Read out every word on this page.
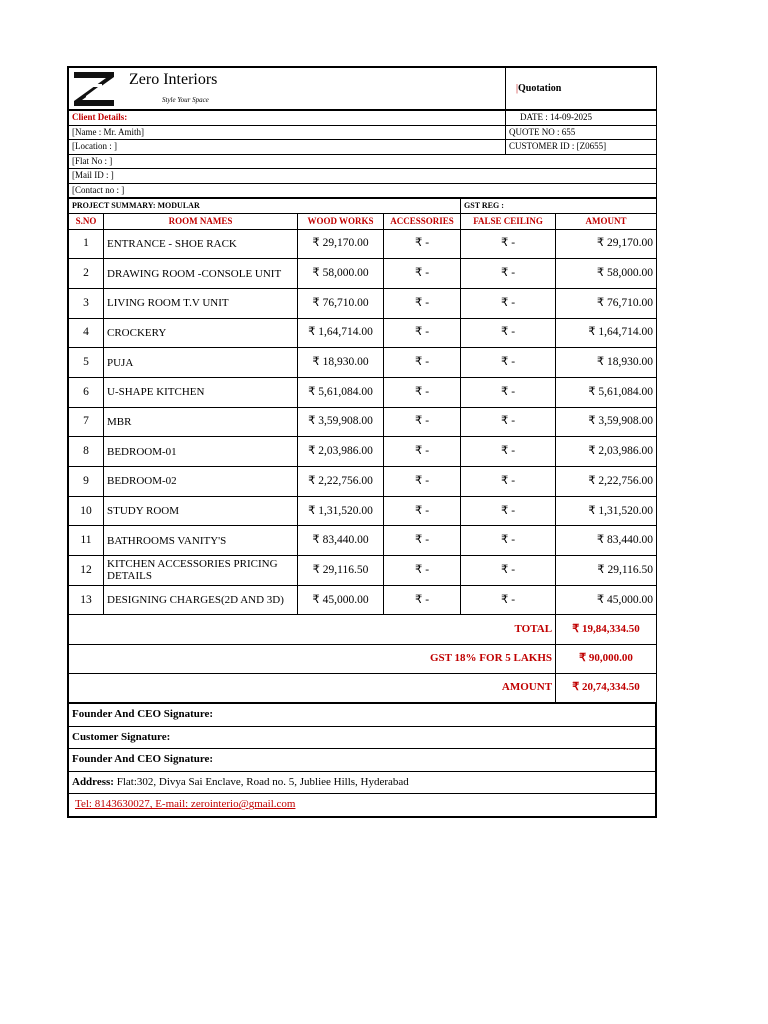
Zero Interiors
Style Your Space
	|Quotation
Client Details:	DATE : 14-09-2025
[Name : Mr. Amith]	QUOTE NO : 655
[Location : ]	CUSTOMER ID : [Z0655]
[Flat No : ]	
[Mail ID : ]	
[Contact no : ]	
PROJECT SUMMARY: MODULAR				GST REG :	
S.NO	ROOM NAMES	WOOD WORKS	ACCESSORIES	FALSE CEILING	AMOUNT
1	ENTRANCE - SHOE RACK	₹ 29,170.00	₹ -	₹ -	₹ 29,170.00
2	DRAWING ROOM -CONSOLE UNIT	₹ 58,000.00	₹ -	₹ -	₹ 58,000.00
3	LIVING ROOM T.V UNIT	₹ 76,710.00	₹ -	₹ -	₹ 76,710.00
4	CROCKERY	₹ 1,64,714.00	₹ -	₹ -	₹ 1,64,714.00
5	PUJA	₹ 18,930.00	₹ -	₹ -	₹ 18,930.00
6	U-SHAPE KITCHEN	₹ 5,61,084.00	₹ -	₹ -	₹ 5,61,084.00
7	MBR	₹ 3,59,908.00	₹ -	₹ -	₹ 3,59,908.00
8	BEDROOM-01	₹ 2,03,986.00	₹ -	₹ -	₹ 2,03,986.00
9	BEDROOM-02	₹ 2,22,756.00	₹ -	₹ -	₹ 2,22,756.00
10	STUDY ROOM	₹ 1,31,520.00	₹ -	₹ -	₹ 1,31,520.00
11	BATHROOMS VANITY'S	₹ 83,440.00	₹ -	₹ -	₹ 83,440.00
12	KITCHEN ACCESSORIES PRICING DETAILS	₹ 29,116.50	₹ -	₹ -	₹ 29,116.50
13	DESIGNING CHARGES(2D AND 3D)	₹ 45,000.00	₹ -	₹ -	₹ 45,000.00
TOTAL					₹ 19,84,334.50
GST 18% FOR 5 LAKHS					₹ 90,000.00
AMOUNT					₹ 20,74,334.50
Founder And CEO Signature:
Customer Signature:
Founder And CEO Signature:
Address: Flat:302, Divya Sai Enclave, Road no. 5, Jubliee Hills, Hyderabad
Tel: 8143630027, E-mail: zerointerio@gmail.com
